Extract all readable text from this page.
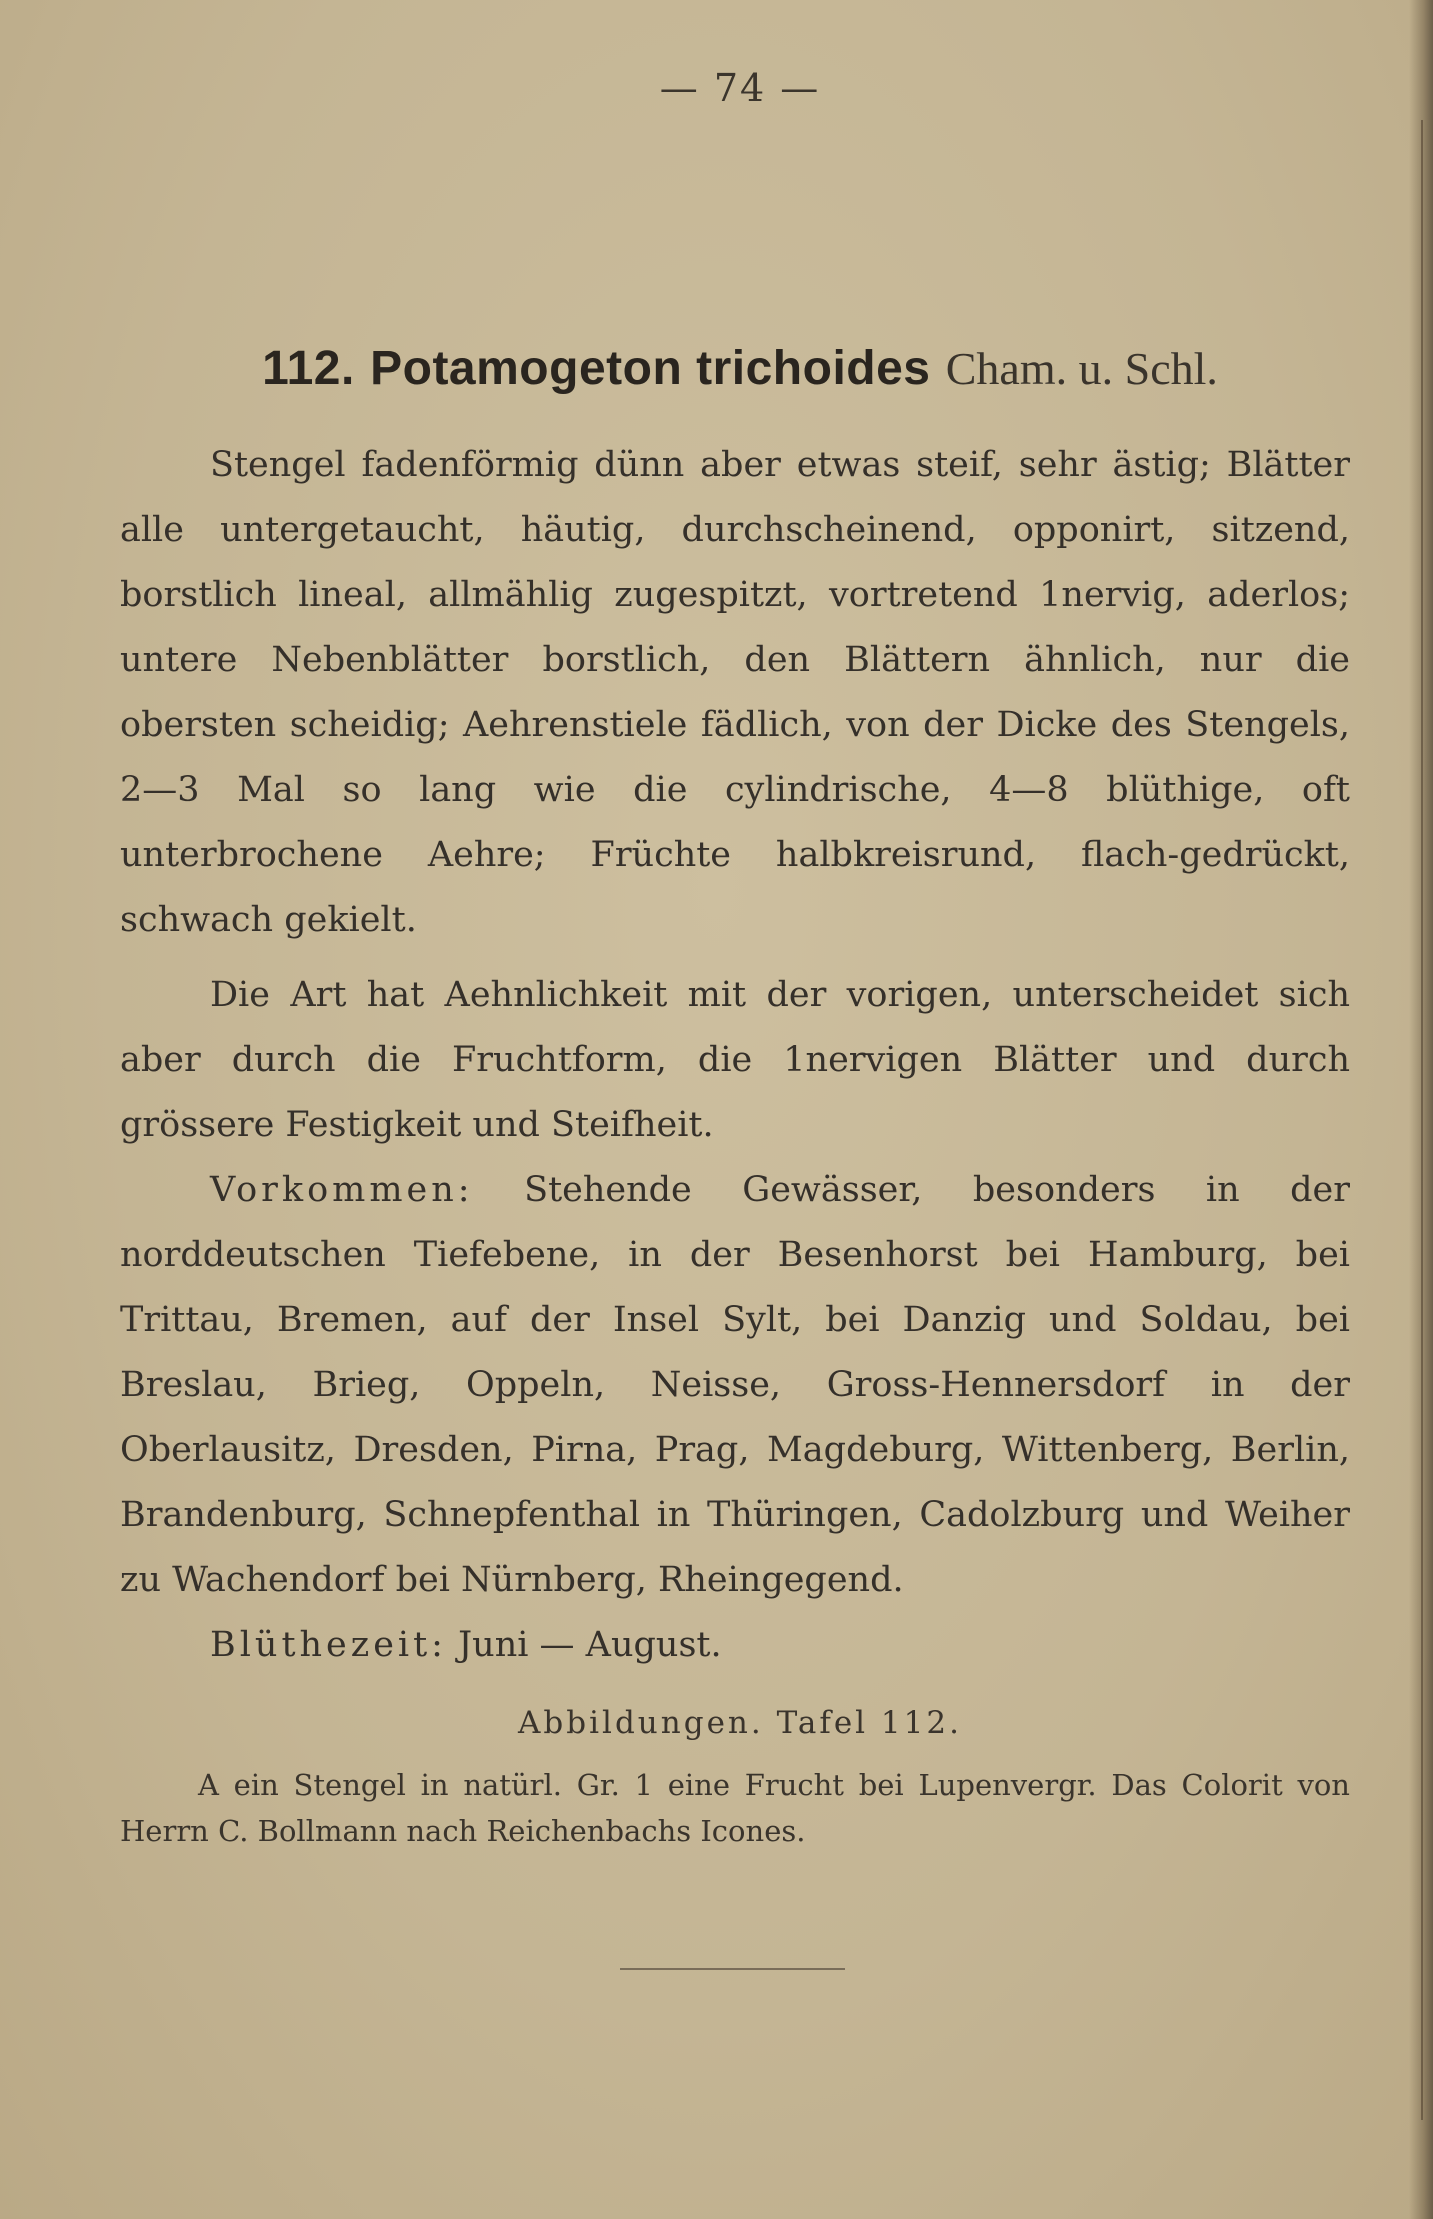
— 74 —
112. Potamogeton trichoides Cham. u. Schl.

Stengel fadenförmig dünn aber etwas steif, sehr ästig; Blätter alle untergetaucht, häutig, durchscheinend, opponirt, sitzend, borstlich lineal, allmählig zugespitzt, vortretend 1nervig, aderlos; untere Nebenblätter borstlich, den Blättern ähnlich, nur die obersten scheidig; Aehrenstiele fädlich, von der Dicke des Stengels, 2—3 Mal so lang wie die cylindrische, 4—8 blüthige, oft unterbrochene Aehre; Früchte halbkreisrund, flach-gedrückt, schwach gekielt.

Die Art hat Aehnlichkeit mit der vorigen, unterscheidet sich aber durch die Fruchtform, die 1nervigen Blätter und durch grössere Festigkeit und Steifheit.

Vorkommen: Stehende Gewässer, besonders in der norddeutschen Tiefebene, in der Besenhorst bei Hamburg, bei Trittau, Bremen, auf der Insel Sylt, bei Danzig und Soldau, bei Breslau, Brieg, Oppeln, Neisse, Gross-Hennersdorf in der Oberlausitz, Dresden, Pirna, Prag, Magdeburg, Wittenberg, Berlin, Brandenburg, Schnepfenthal in Thüringen, Cadolzburg und Weiher zu Wachendorf bei Nürnberg, Rheingegend.

Blüthezeit: Juni — August.

Abbildungen. Tafel 112.

A ein Stengel in natürl. Gr. 1 eine Frucht bei Lupenvergr. Das Colorit von Herrn C. Bollmann nach Reichenbachs Icones.
